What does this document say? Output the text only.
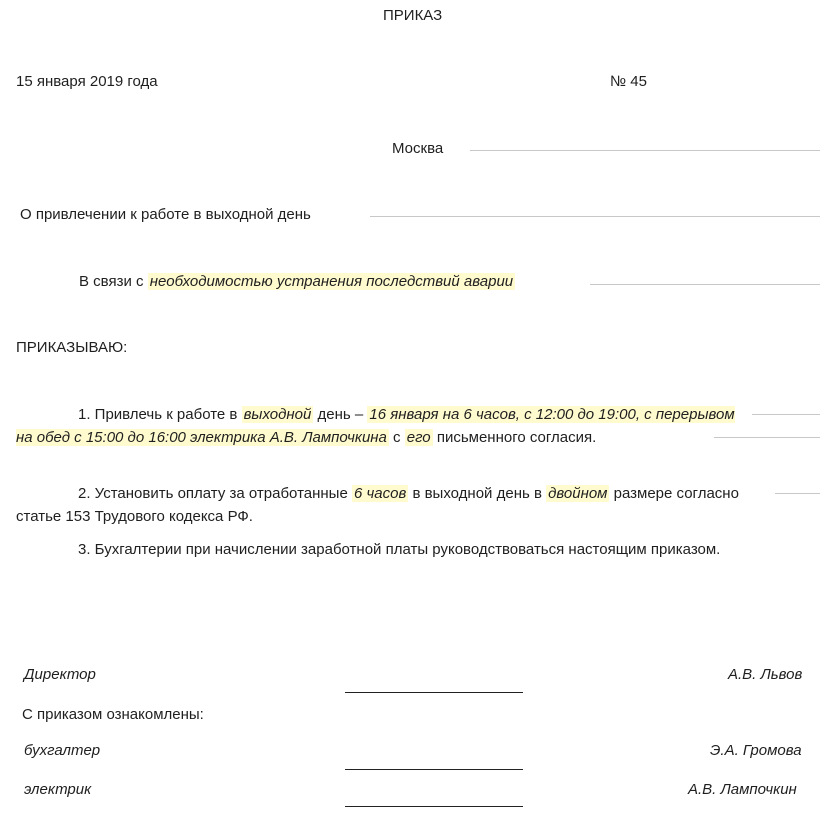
ПРИКАЗ
15 января 2019 года	№ 45
Москва
О привлечении к работе в выходной день
В связи с необходимостью устранения последствий аварии
ПРИКАЗЫВАЮ:
1. Привлечь к работе в выходной день – 16 января на 6 часов, с 12:00 до 19:00, с перерывом на обед с 15:00 до 16:00 электрика А.В. Лампочкина с его письменного согласия.
2. Установить оплату за отработанные 6 часов в выходной день в двойном размере согласно статье 153 Трудового кодекса РФ.
3. Бухгалтерии при начислении заработной платы руководствоваться настоящим приказом.
Директор	А.В. Львов
С приказом ознакомлены:
бухгалтер	Э.А. Громова
электрик	А.В. Лампочкин
